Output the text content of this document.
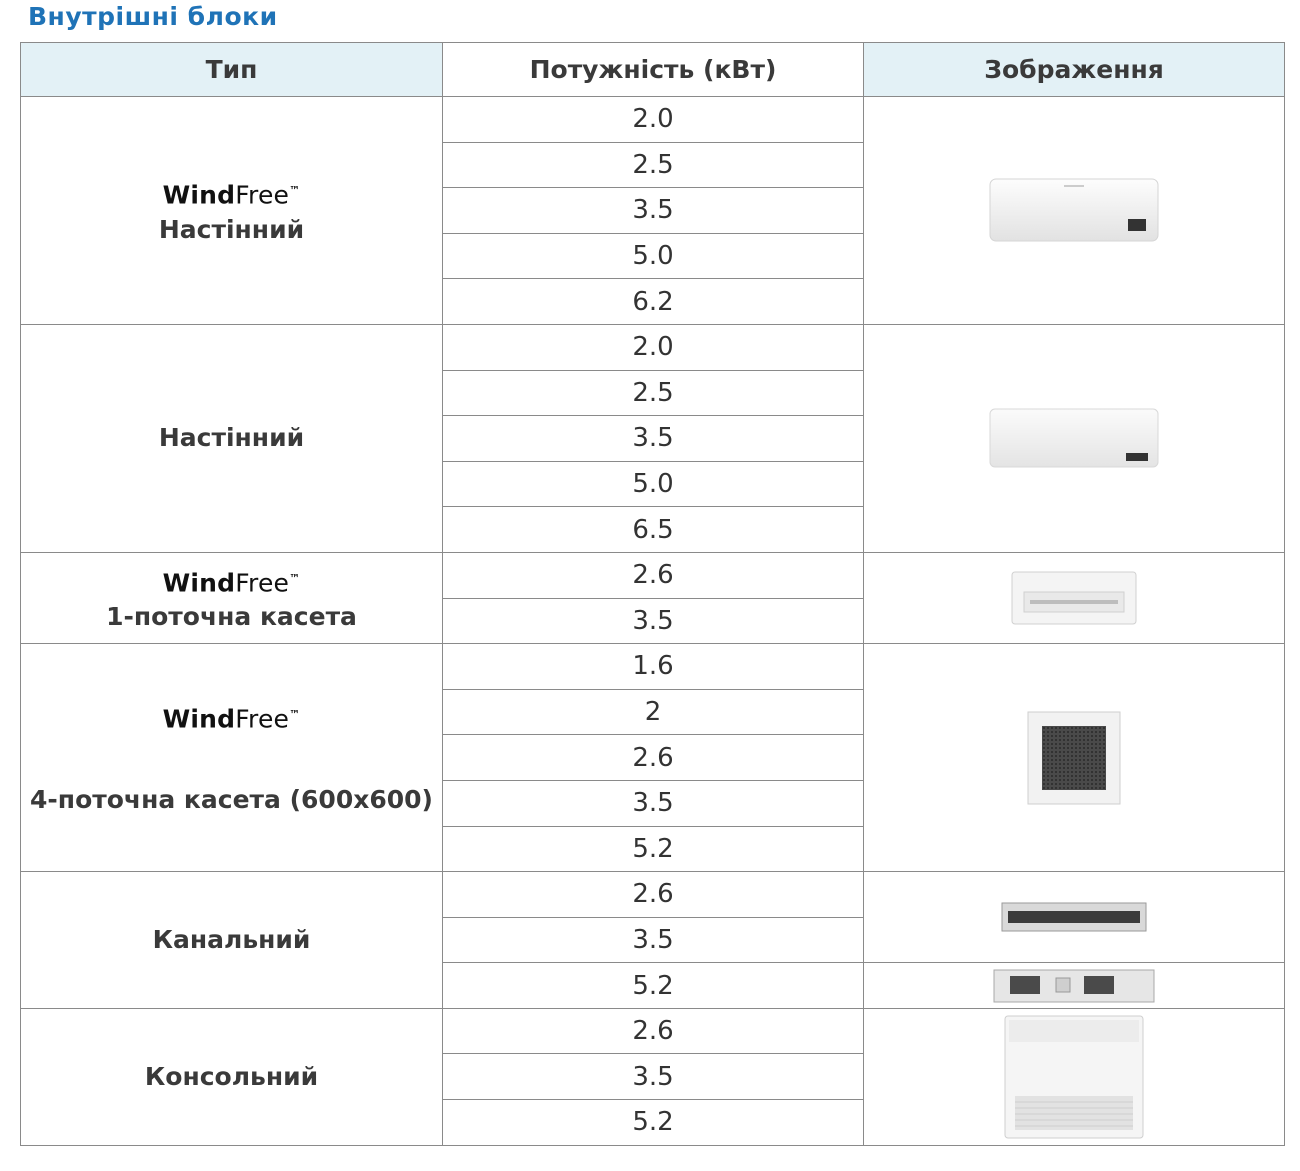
Внутрішні блоки
Тип	Потужність (кВт)	Зображення

WindFree™
Настінний	2.0	

	2.5	
	3.5	
	5.0	
	6.2	
Настінний	2.0	

	2.5	
	3.5	
	5.0	
	6.5	

WindFree™
1-поточна касета	2.6	

	3.5	

WindFree™
4-поточна касета (600x600)	1.6	

	2	
	2.6	
	3.5	
	5.2	
Канальний	2.6	

	3.5	
	5.2	

Консольний	2.6	

	3.5	
	5.2	
